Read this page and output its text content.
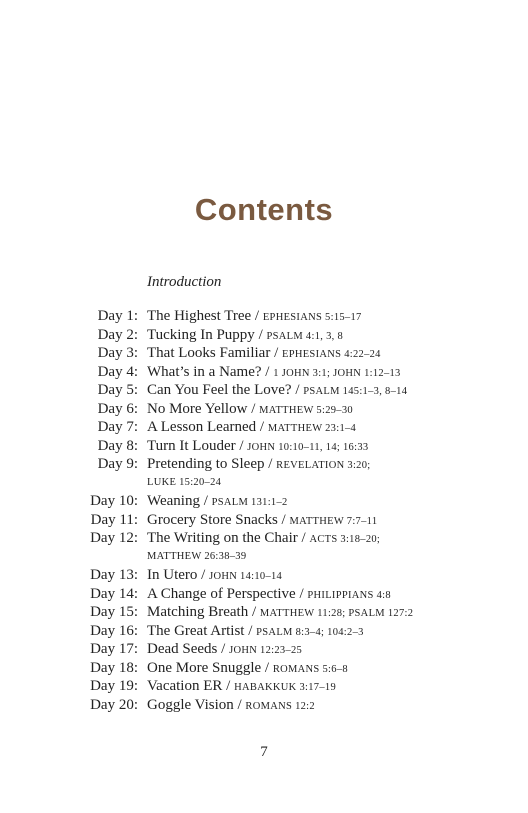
Contents
Introduction
Day 1: The Highest Tree / EPHESIANS 5:15–17
Day 2: Tucking In Puppy / PSALM 4:1, 3, 8
Day 3: That Looks Familiar / EPHESIANS 4:22–24
Day 4: What’s in a Name? / 1 JOHN 3:1; JOHN 1:12–13
Day 5: Can You Feel the Love? / PSALM 145:1–3, 8–14
Day 6: No More Yellow / MATTHEW 5:29–30
Day 7: A Lesson Learned / MATTHEW 23:1–4
Day 8: Turn It Louder / JOHN 10:10–11, 14; 16:33
Day 9: Pretending to Sleep / REVELATION 3:20;
LUKE 15:20–24
Day 10: Weaning / PSALM 131:1–2
Day 11: Grocery Store Snacks / MATTHEW 7:7–11
Day 12: The Writing on the Chair / ACTS 3:18–20;
MATTHEW 26:38–39
Day 13: In Utero / JOHN 14:10–14
Day 14: A Change of Perspective / PHILIPPIANS 4:8
Day 15: Matching Breath / MATTHEW 11:28; PSALM 127:2
Day 16: The Great Artist / PSALM 8:3–4; 104:2–3
Day 17: Dead Seeds / JOHN 12:23–25
Day 18: One More Snuggle / ROMANS 5:6–8
Day 19: Vacation ER / HABAKKUK 3:17–19
Day 20: Goggle Vision / ROMANS 12:2
7
